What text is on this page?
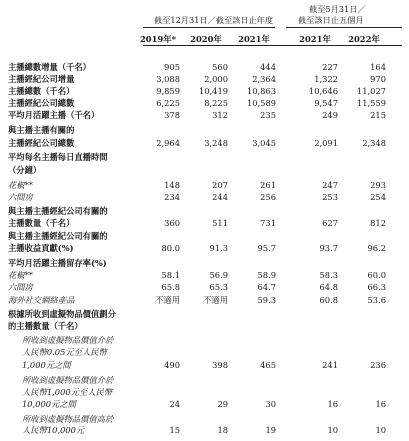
截至12月31日／截至該日止年度
截至5月31日／
截至該日止五個月
2019年*	2020年	2021年	2021年	2022年
主播總數增量（千名）	905	560	444	227	164
主播經紀公司增量	3,088	2,000	2,364	1,322	970
主播總數（千名）	9,859	10,419	10,863	10,646	11,027
主播經紀公司總數	6,225	8,225	10,589	9,547	11,559
平均月活躍主播（千名）	378	312	235	249	215
與主播主播有關的
主播經紀公司總數	2,964	3,248	3,045	2,091	2,348
平均每名主播每日直播時間
（分鐘）
花椒**	148	207	261	247	293
六間房	234	244	256	253	254
與主播主播經紀公司有關的
主播數量（千名）	360	511	731	627	812
與主播主播經紀公司有關的
主播收益貢獻(%)	80.0	91.3	95.7	93.7	96.2
平均月活躍主播留存率(%)
花椒**	58.1	56.9	58.9	58.3	60.0
六間房	65.8	65.3	64.7	64.8	66.3
海外社交網絡產品	不適用	不適用	59.3	60.8	53.6
根據所收到虛擬物品價值劃分
的主播數量（千名）
所收到虛擬物品價值介於
人民幣0.05元至人民幣
1,000元之間	490	398	465	241	236
所收到虛擬物品價值介於
人民幣1,000元至人民幣
10,000元之間	24	29	30	16	16
所收到虛擬物品價值高於
人民幣10,000元	15	18	19	10	10
